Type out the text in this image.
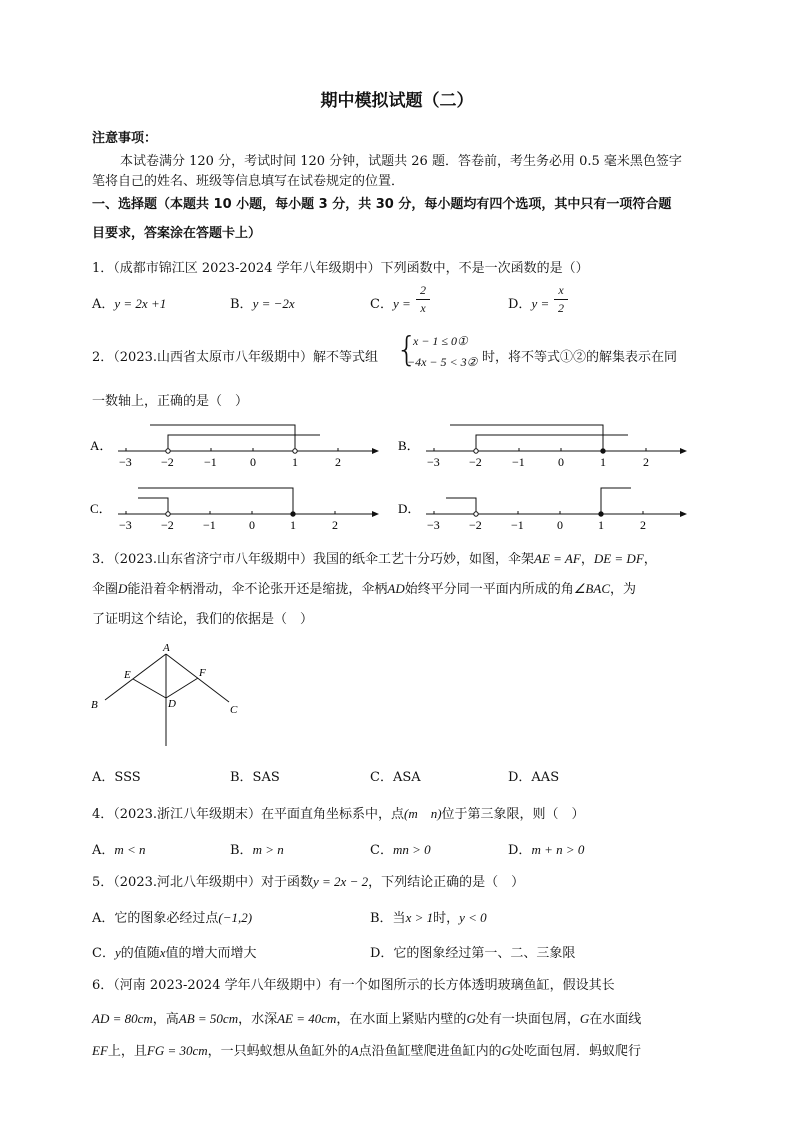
期中模拟试题（二）
注意事项：
本试卷满分 120 分，考试时间 120 分钟，试题共 26 题．答卷前，考生务必用 0.5 毫米黑色签字
笔将自己的姓名、班级等信息填写在试卷规定的位置．
一、选择题（本题共 10 小题，每小题 3 分，共 30 分，每小题均有四个选项，其中只有一项符合题
目要求，答案涂在答题卡上）
1．（成都市锦江区 2023-2024 学年八年级期中）下列函数中，不是一次函数的是（）
A．y = 2x +1	B．y = −2x	C．y =
2
x	D．y =
x
2
2．（2023.山西省太原市八年级期中）解不等式组 {
x − 1 ≤ 0①
−4x − 5 < 3② 时，将不等式①②的解集表示在同
一数轴上，正确的是（　）
A．
−3 −2	−1	0	1	2
B．
−3 −2	−1	0	1	2
C．
−3 −2 −1	0	1	2
D．
−3 −2 −1	0	1	2
3．（2023.山东省济宁市八年级期中）我国的纸伞工艺十分巧妙，如图，伞架AE = AF，DE = DF，
伞圈D能沿着伞柄滑动，伞不论张开还是缩拢，伞柄AD始终平分同一平面内所成的角∠BAC，为
了证明这个结论，我们的依据是（　）
A
E	F
D
B	C
A．SSS	B．SAS	C．ASA	D．AAS
4．（2023.浙江八年级期末）在平面直角坐标系中，点(m　n)位于第三象限，则（　）
A．m < n	B．m > n	C．mn > 0	D．m + n > 0
5．（2023.河北八年级期中）对于函数y = 2x − 2，下列结论正确的是（　）
A．它的图象必经过点(−1,2)	B．当x > 1时，y < 0
C．y的值随x值的增大而增大	D．它的图象经过第一、二、三象限
6．（河南 2023-2024 学年八年级期中）有一个如图所示的长方体透明玻璃鱼缸，假设其长
AD = 80cm，高AB = 50cm，水深AE = 40cm，在水面上紧贴内壁的G处有一块面包屑，G在水面线
EF上，且FG = 30cm，一只蚂蚁想从鱼缸外的A点沿鱼缸壁爬进鱼缸内的G处吃面包屑．蚂蚁爬行
